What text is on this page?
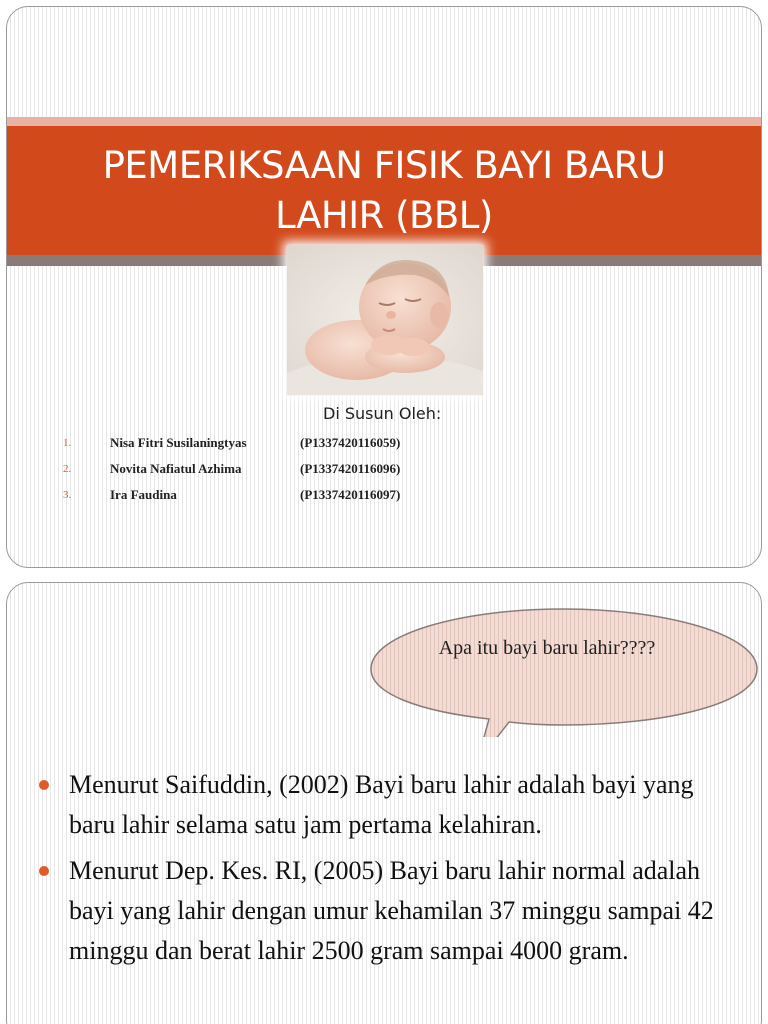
PEMERIKSAAN FISIK BAYI BARU LAHIR (BBL)
Di Susun Oleh:
1.	Nisa Fitri Susilaningtyas	(P1337420116059)
2.	Novita Nafiatul Azhima	(P1337420116096)
3.	Ira Faudina	(P1337420116097)
Apa itu bayi baru lahir????
Menurut Saifuddin, (2002) Bayi baru lahir adalah bayi yang baru lahir selama satu jam pertama kelahiran.
Menurut Dep. Kes. RI, (2005) Bayi baru lahir normal adalah bayi yang lahir dengan umur kehamilan 37 minggu sampai 42 minggu dan berat lahir 2500 gram sampai 4000 gram.
